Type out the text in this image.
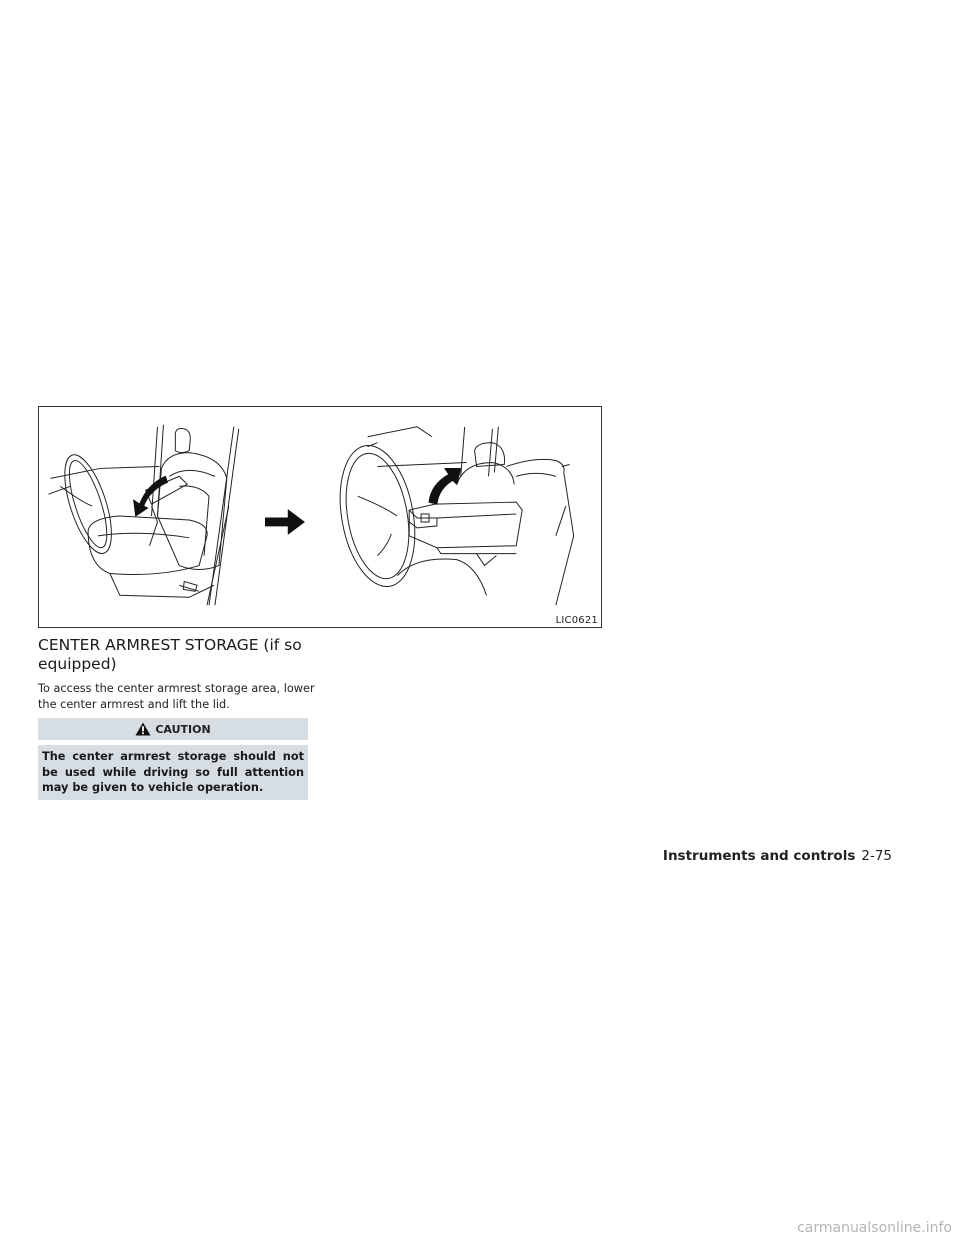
LIC0621
CENTER ARMREST STORAGE (if so equipped)

To access the center armrest storage area, lower the center armrest and lift the lid.

CAUTION
The center armrest storage should not be used while driving so full attention may be given to vehicle operation.
Instruments and controls 2-75
carmanualsonline.info
